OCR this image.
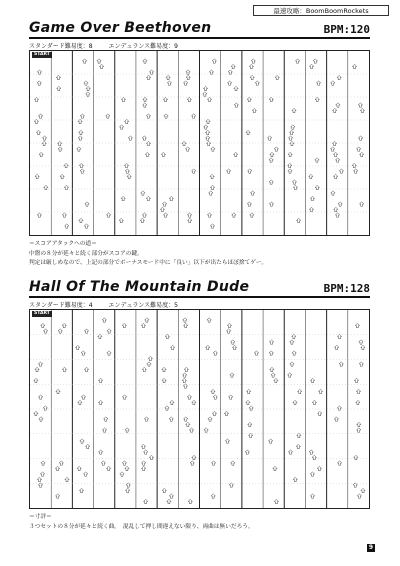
最速攻略：BoomBoomRockets
Game Over Beethoven	BPM:120
スタンダード難易度：8	エンデュランス難易度：9
START
＝スコアアタックへの道＝
中盤の８分が延々と続く部分がスコアの鍵。
判定は厳しめなので、上記の部分でボーナスモード中に「良い」以下が出たらほぼ捨てゲー。
Hall Of The Mountain Dude	BPM:128
スタンダード難易度：4	エンデュランス難易度：5
START
＝寸評＝
３つセットの８分が延々と続く曲。　混乱して押し間違えない限り、両曲は無いだろう。
9
